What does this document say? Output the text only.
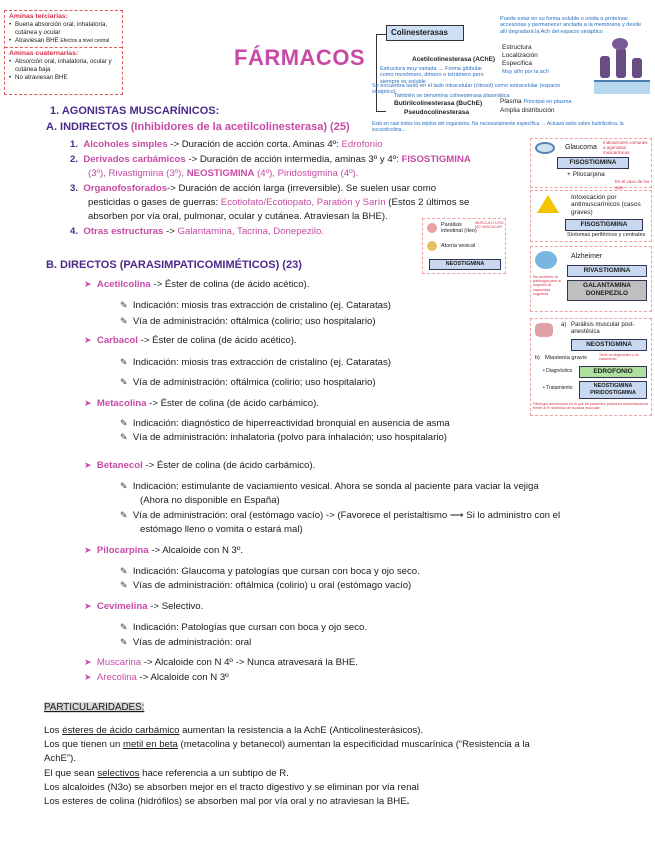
Aminas terciarias:
• Buena absorción oral, inhalatoria, cutánea y ocular
• Atraviesan BHE Efectos a nivel central
Aminas cuaternarias:
• Absorción oral, inhalatoria, ocular y cutánea baja
• No atraviesan BHE
FÁRMACOS
Colinesterasas
Puede estar en su forma soluble o unida a proteínas accesorias y permanecer anclada a la membrana y desde allí degradará la Ach del espacio sináptico
Acetilcolinesterasa (AChE)
Estructura muy variada → Forma globular como monómero, dímero o tetrámero pero siempre es soluble
Estructura
Localización
Específica
Muy afín por la ach
Se encuentra tanto en el lado intracelular (citosol) como extracelular (espacio sináptico)
También se denomina colinesterasa plasmática
Butirilcolinesterasa (BuChE)
Pseudocolinesterasa
Plasma Principal en plasma
Amplia distribución
Está en casi todos los tejidos del organismo. No necesariamente específica → Actuará tanto sobre butirilcolina, la succinilcolina...
1. AGONISTAS MUSCARÍNICOS:
A. INDIRECTOS (Inhibidores de la acetilcolinesterasa) (25)
1. Alcoholes simples -> Duración de acción corta. Aminas 4º: Edrofonio
2. Derivados carbámicos -> Duración de acción intermedia, aminas 3º y 4º: FISOSTIGMINA
(3º), Rivastigmina (3º), NEOSTIGMINA (4º), Piridostigmina (4º).
3. Organofosforados-> Duración de acción larga (irreversible). Se suelen usar como
pesticidas o gases de guerras: Ecotiofato/Ecotiopato, Paratión y Sarín (Estos 2 últimos se
absorben por vía oral, pulmonar, ocular y cutánea. Atraviesan la BHE).
4. Otras estructuras -> Galantamina, Tacrina, Donepezilo.
B. DIRECTOS (PARASIMPATICOMIMÉTICOS) (23)
➤ Acetilcolina -> Éster de colina (de ácido acético).
✎ Indicación: miosis tras extracción de cristalino (ej. Cataratas)
✎ Vía de administración: oftálmica (colirio; uso hospitalario)
➤ Carbacol -> Éster de colina (de ácido acético).
✎ Indicación: miosis tras extracción de cristalino (ej. Cataratas)
✎ Vía de administración: oftálmica (colirio; uso hospitalario)
➤ Metacolina -> Éster de colina (de ácido carbámico).
✎ Indicación: diagnóstico de hiperreactividad bronquial en ausencia de asma
✎ Vía de administración: inhalatoria (polvo para inhalación; uso hospitalario)
➤ Betanecol -> Éster de colina (de ácido carbámico).
✎ Indicación: estimulante de vaciamiento vesical. Ahora se sonda al paciente para vaciar la vejiga
(Ahora no disponible en España)
✎ Vía de administración: oral (estómago vacío) -> (Favorece el peristaltismo ⟶ Si lo administro con el
estómago lleno o vomita o estará mal)
➤ Pilocarpina -> Alcaloide con N 3º.
✎ Indicación: Glaucoma y patologías que cursan con boca y ojo seco.
✎ Vías de administración: oftálmica (colirio) u oral (estómago vacío)
➤ Cevimelina -> Selectivo.
✎ Indicación: Patologías que cursan con boca y ojo seco.
✎ Vías de administración: oral
➤ Muscarina -> Alcaloide con N 4º -> Nunca atravesará la BHE.
➤ Arecolina -> Alcaloide con N 3º
Glaucoma
Indicaciones comunes a agonistas muscarínicos
FISOSTIGMINA
+ Pilocarpina
En el caso de los ojos
Intoxicación por antimuscarínicos (casos graves)
FISOSTIGMINA
Síntomas periféricos y centrales
MÚSCULO LISO NO VASCULAR
Parálisis intestinal (íleo)
Atonía vesical
NEOSTIGMINA
Alzheimer
RIVASTIGMINA
GALANTAMINA DONEPEZILO
No revierten la patología pero si mejoran la capacidad cognitiva
a) Parálisis muscular post-anestésica
NEOSTIGMINA
b) Miastenia gravis	Tiene un diagnóstico y un tratamiento
• Diagnóstico	EDROFONIO
• Tratamiento	NEOSTIGMINA PIRIDOSTIGMINA
Patología autoinmune en la que los pacientes producen autoanticuerpos frente al R nicotínico de la placa muscular
PARTICULARIDADES:
Los ésteres de ácido carbámico aumentan la resistencia a la AchE (Anticolinesterásicos).
Los que tienen un metil en beta (metacolina y betanecol) aumentan la especificidad muscarínica (“Resistencia a la
AchE”).
El que sean selectivos hace referencia a un subtipo de R.
Los alcaloides (N3o) se absorben mejor en el tracto digestivo y se eliminan por vía renal
Los esteres de colina (hidrófilos) se absorben mal por vía oral y no atraviesan la BHE.
